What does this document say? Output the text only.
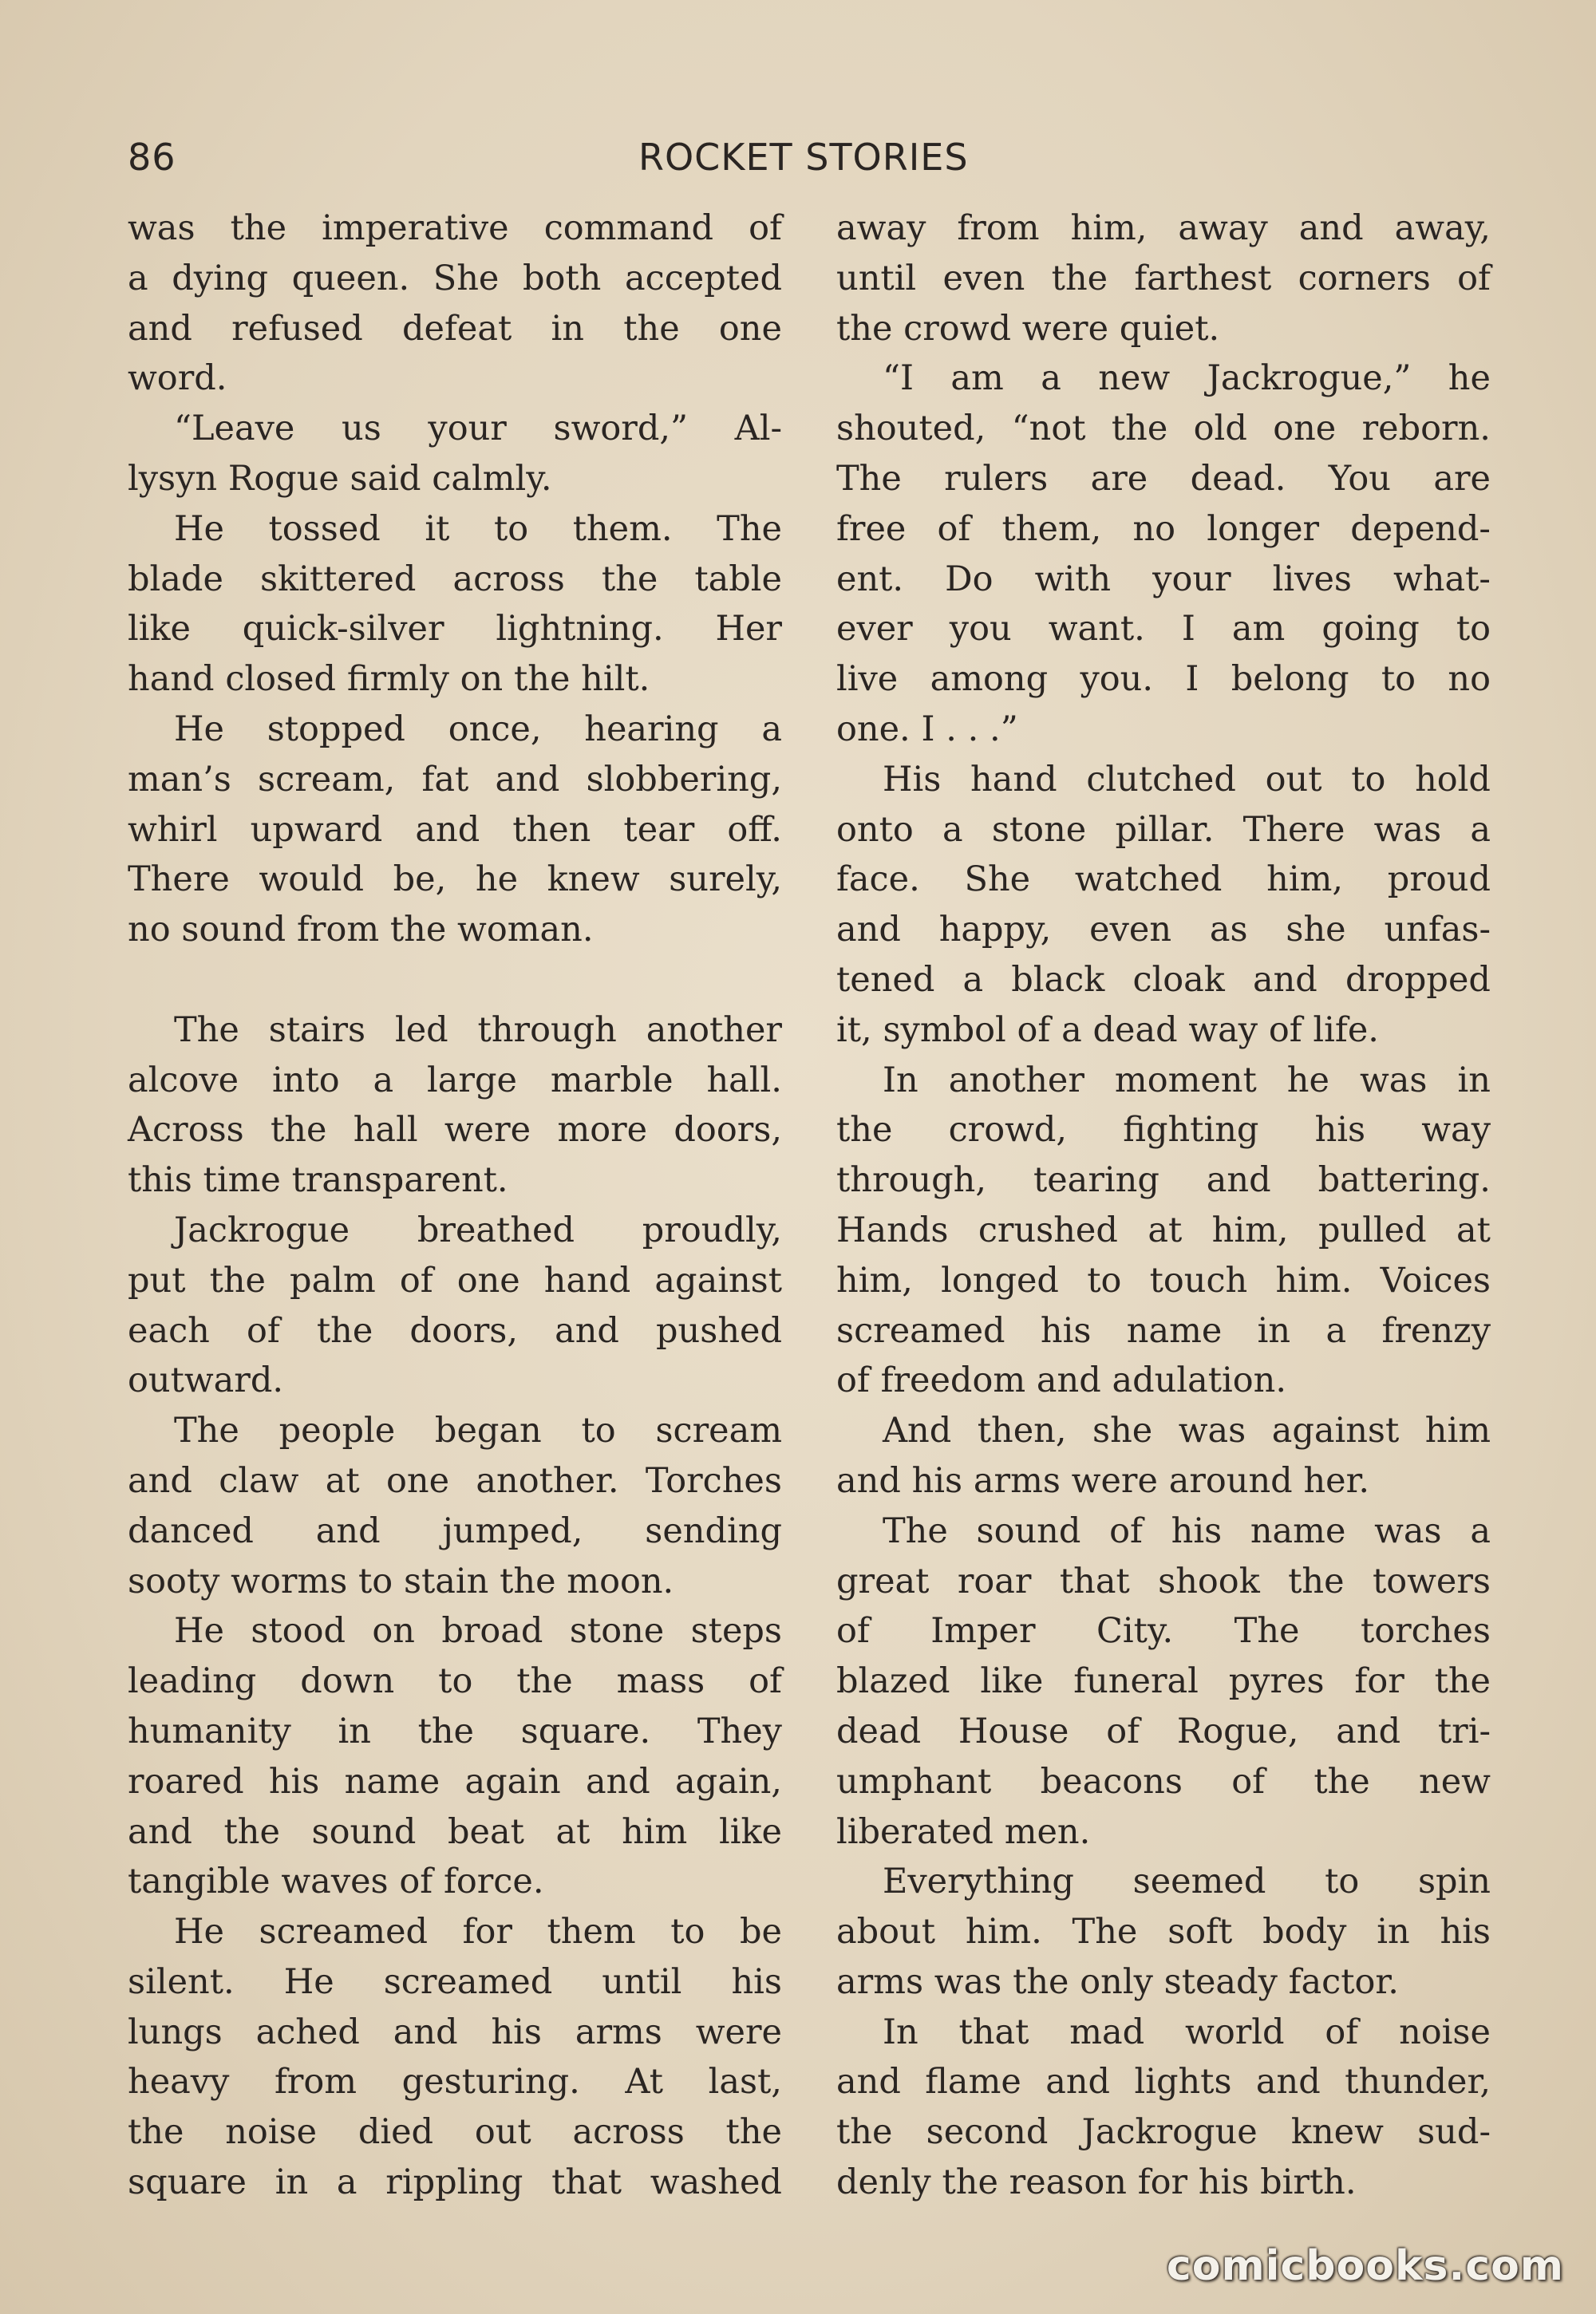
86	ROCKET STORIES
was the imperative command of
a dying queen. She both accepted
and refused defeat in the one
word.
“Leave us your sword,” Al-
lysyn Rogue said calmly.
He tossed it to them. The
blade skittered across the table
like quick-silver lightning. Her
hand closed firmly on the hilt.
He stopped once, hearing a
man’s scream, fat and slobbering,
whirl upward and then tear off.
There would be, he knew surely,
no sound from the woman.
The stairs led through another
alcove into a large marble hall.
Across the hall were more doors,
this time transparent.
Jackrogue breathed proudly,
put the palm of one hand against
each of the doors, and pushed
outward.
The people began to scream
and claw at one another. Torches
danced and jumped, sending
sooty worms to stain the moon.
He stood on broad stone steps
leading down to the mass of
humanity in the square. They
roared his name again and again,
and the sound beat at him like
tangible waves of force.
He screamed for them to be
silent. He screamed until his
lungs ached and his arms were
heavy from gesturing. At last,
the noise died out across the
square in a rippling that washed
away from him, away and away,
until even the farthest corners of
the crowd were quiet.
“I am a new Jackrogue,” he
shouted, “not the old one reborn.
The rulers are dead. You are
free of them, no longer depend-
ent. Do with your lives what-
ever you want. I am going to
live among you. I belong to no
one. I . . .”
His hand clutched out to hold
onto a stone pillar. There was a
face. She watched him, proud
and happy, even as she unfas-
tened a black cloak and dropped
it, symbol of a dead way of life.
In another moment he was in
the crowd, fighting his way
through, tearing and battering.
Hands crushed at him, pulled at
him, longed to touch him. Voices
screamed his name in a frenzy
of freedom and adulation.
And then, she was against him
and his arms were around her.
The sound of his name was a
great roar that shook the towers
of Imper City. The torches
blazed like funeral pyres for the
dead House of Rogue, and tri-
umphant beacons of the new
liberated men.
Everything seemed to spin
about him. The soft body in his
arms was the only steady factor.
In that mad world of noise
and flame and lights and thunder,
the second Jackrogue knew sud-
denly the reason for his birth.
comicbooks.com
